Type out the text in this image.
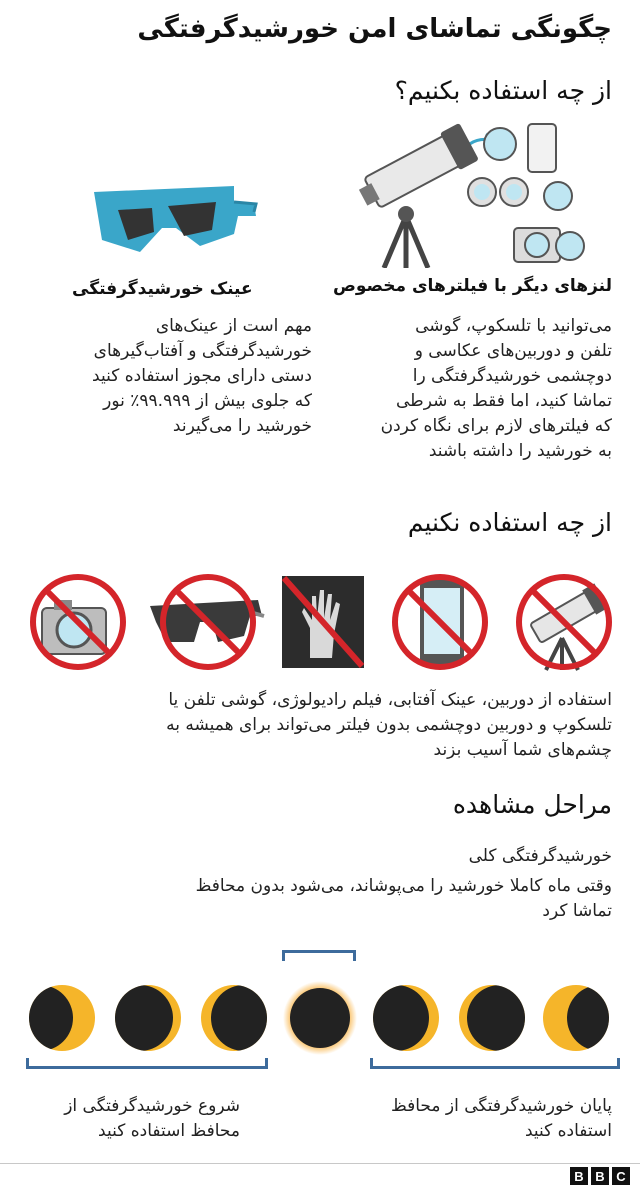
چگونگی تماشای امن خورشیدگرفتگی
از چه استفاده بکنیم؟
لنزهای دیگر با فیلترهای مخصوص
عینک خورشیدگرفتگی

می‌توانید با تلسکوپ، گوشی
تلفن و دوربین‌های عکاسی و
دوچشمی خورشیدگرفتگی را
تماشا کنید، اما فقط به شرطی
که فیلترهای لازم برای نگاه کردن
به خورشید را داشته باشند

مهم است از عینک‌های
خورشیدگرفتگی و آفتاب‌گیرهای
دستی دارای مجوز استفاده کنید
که جلوی بیش از ۹۹.۹۹۹٪ نور
خورشید را می‌گیرند

از چه استفاده نکنیم

استفاده از دوربین، عینک آفتابی، فیلم رادیولوژی، گوشی تلفن یا
تلسکوپ و دوربین دوچشمی بدون فیلتر می‌تواند برای همیشه به
چشم‌های شما آسیب بزند

مراحل مشاهده
خورشیدگرفتگی کلی

وقتی ماه کاملا خورشید را می‌پوشاند، می‌شود بدون محافظ
تماشا کرد

شروع خورشیدگرفتگی از
محافظ استفاده کنید

پایان خورشیدگرفتگی از محافظ
استفاده کنید

B B C
